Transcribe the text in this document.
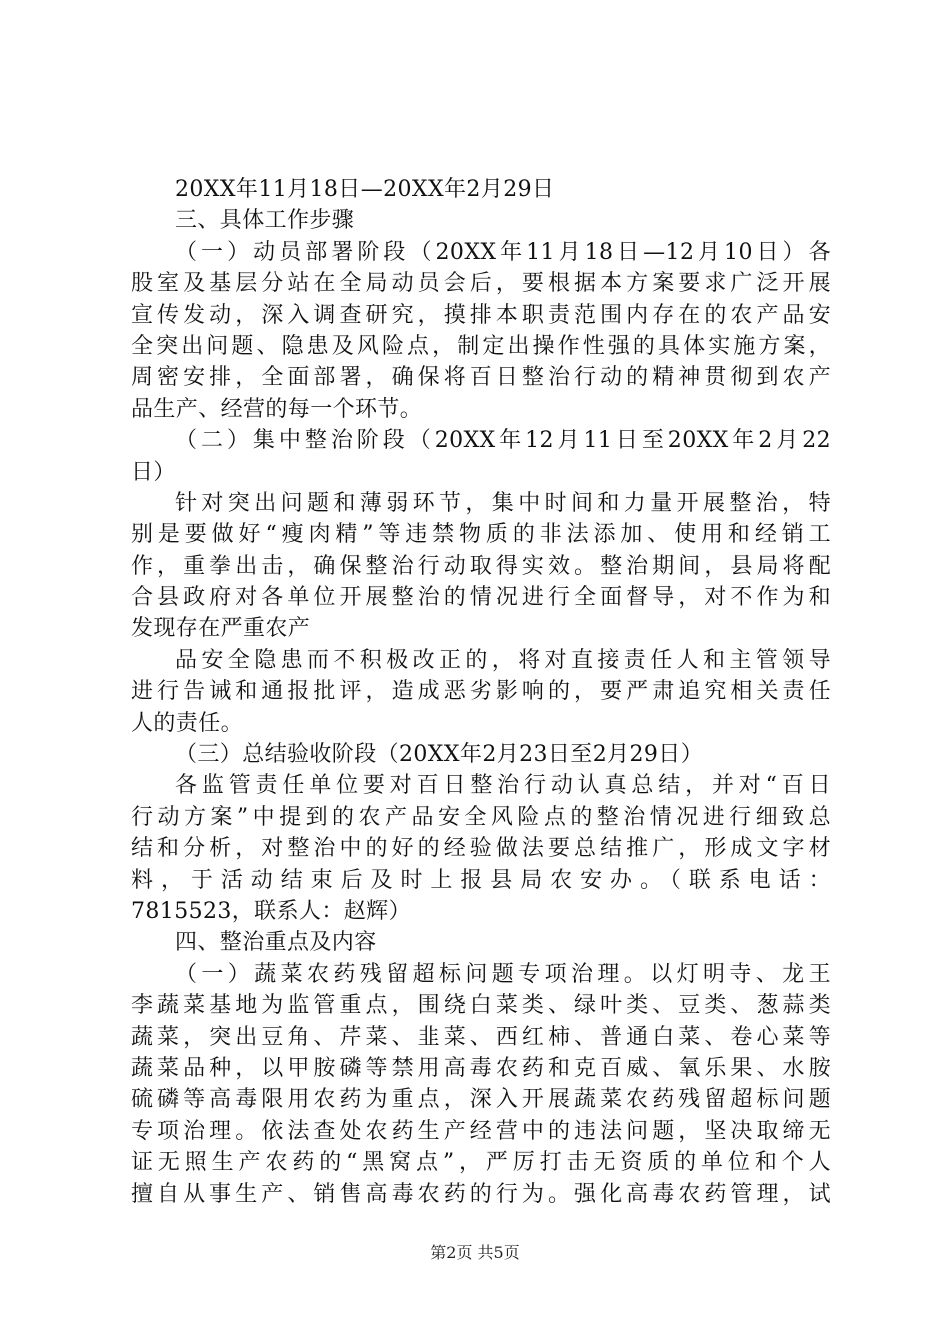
20XX年11月18日—20XX年2月29日
三、具体工作步骤
（一）动员部署阶段（20XX年11月18日—12月10日）各
股室及基层分站在全局动员会后，要根据本方案要求广泛开展
宣传发动，深入调查研究，摸排本职责范围内存在的农产品安
全突出问题、隐患及风险点，制定出操作性强的具体实施方案，
周密安排，全面部署，确保将百日整治行动的精神贯彻到农产
品生产、经营的每一个环节。
（二）集中整治阶段（20XX年12月11日至20XX年2月22
日）
针对突出问题和薄弱环节，集中时间和力量开展整治，特
别是要做好“瘦肉精”等违禁物质的非法添加、使用和经销工
作，重拳出击，确保整治行动取得实效。整治期间，县局将配
合县政府对各单位开展整治的情况进行全面督导，对不作为和
发现存在严重农产
品安全隐患而不积极改正的，将对直接责任人和主管领导
进行告诫和通报批评，造成恶劣影响的，要严肃追究相关责任
人的责任。
（三）总结验收阶段（20XX年2月23日至2月29日）
各监管责任单位要对百日整治行动认真总结，并对“百日
行动方案”中提到的农产品安全风险点的整治情况进行细致总
结和分析，对整治中的好的经验做法要总结推广，形成文字材
料，于活动结束后及时上报县局农安办。（联系电话：
7815523，联系人：赵辉）
四、整治重点及内容
（一）蔬菜农药残留超标问题专项治理。以灯明寺、龙王
李蔬菜基地为监管重点，围绕白菜类、绿叶类、豆类、葱蒜类
蔬菜，突出豆角、芹菜、韭菜、西红柿、普通白菜、卷心菜等
蔬菜品种，以甲胺磷等禁用高毒农药和克百威、氧乐果、水胺
硫磷等高毒限用农药为重点，深入开展蔬菜农药残留超标问题
专项治理。依法查处农药生产经营中的违法问题，坚决取缔无
证无照生产农药的“黑窝点”，严厉打击无资质的单位和个人
擅自从事生产、销售高毒农药的行为。强化高毒农药管理，试
第2页 共5页
